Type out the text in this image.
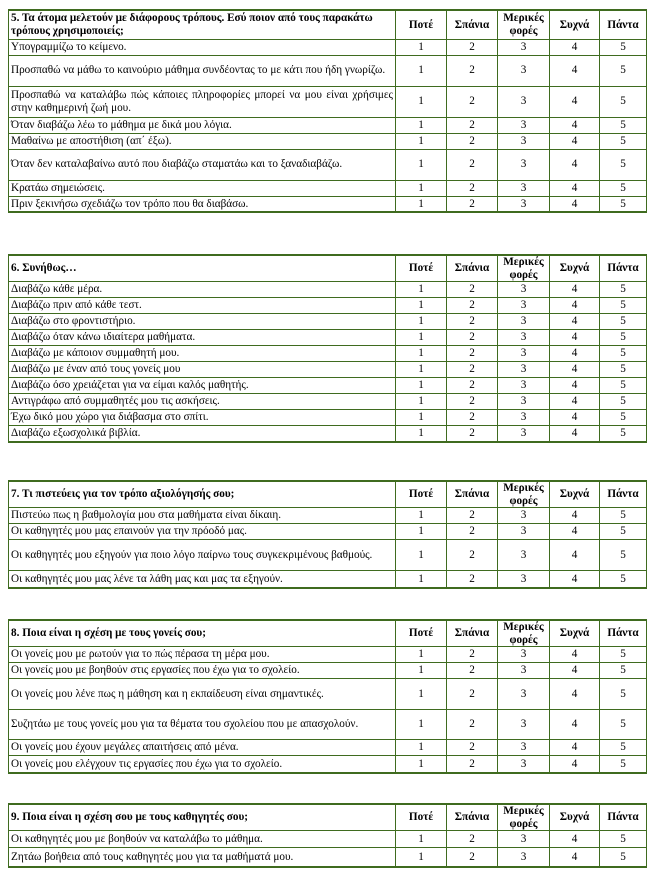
5. Τα άτομα μελετούν με διάφορους τρόπους. Εσύ ποιον από τους παρακάτω τρόπους χρησιμοποιείς;	Ποτέ	Σπάνια	Μερικές φορές	Συχνά	Πάντα
Υπογραμμίζω το κείμενο.	1	2	3	4	5
Προσπαθώ να μάθω το καινούριο μάθημα συνδέοντας το με κάτι που ήδη γνωρίζω.	1	2	3	4	5
Προσπαθώ να καταλάβω πώς κάποιες πληροφορίες μπορεί να μου είναι χρήσιμες στην καθημερινή ζωή μου.	1	2	3	4	5
Όταν διαβάζω λέω το μάθημα με δικά μου λόγια.	1	2	3	4	5
Μαθαίνω με αποστήθιση (απ΄ έξω).	1	2	3	4	5
Όταν δεν καταλαβαίνω αυτό που διαβάζω σταματάω και το ξαναδιαβάζω.	1	2	3	4	5
Κρατάω σημειώσεις.	1	2	3	4	5
Πριν ξεκινήσω σχεδιάζω τον τρόπο που θα διαβάσω.	1	2	3	4	5
6. Συνήθως…	Ποτέ	Σπάνια	Μερικές φορές	Συχνά	Πάντα
Διαβάζω κάθε μέρα.	1	2	3	4	5
Διαβάζω πριν από κάθε τεστ.	1	2	3	4	5
Διαβάζω στο φροντιστήριο.	1	2	3	4	5
Διαβάζω όταν κάνω ιδιαίτερα μαθήματα.	1	2	3	4	5
Διαβάζω με κάποιον συμμαθητή μου.	1	2	3	4	5
Διαβάζω με έναν από τους γονείς μου	1	2	3	4	5
Διαβάζω όσο χρειάζεται για να είμαι καλός μαθητής.	1	2	3	4	5
Αντιγράφω από συμμαθητές μου τις ασκήσεις.	1	2	3	4	5
Έχω δικό μου χώρο για διάβασμα στο σπίτι.	1	2	3	4	5
Διαβάζω εξωσχολικά βιβλία.	1	2	3	4	5
7. Τι πιστεύεις για τον τρόπο αξιολόγησής σου;	Ποτέ	Σπάνια	Μερικές φορές	Συχνά	Πάντα
Πιστεύω πως η βαθμολογία μου στα μαθήματα είναι δίκαιη.	1	2	3	4	5
Οι καθηγητές μου μας επαινούν για την πρόοδό μας.	1	2	3	4	5
Οι καθηγητές μου εξηγούν για ποιο λόγο παίρνω τους συγκεκριμένους βαθμούς.	1	2	3	4	5
Οι καθηγητές μου μας λένε τα λάθη μας και μας τα εξηγούν.	1	2	3	4	5
8. Ποια είναι η σχέση με τους γονείς σου;	Ποτέ	Σπάνια	Μερικές φορές	Συχνά	Πάντα
Οι γονείς μου με ρωτούν για το πώς πέρασα τη μέρα μου.	1	2	3	4	5
Οι γονείς μου με βοηθούν στις εργασίες που έχω για το σχολείο.	1	2	3	4	5
Οι γονείς μου λένε πως η μάθηση και η εκπαίδευση είναι σημαντικές.	1	2	3	4	5
Συζητάω με τους γονείς μου για τα θέματα του σχολείου που με απασχολούν.	1	2	3	4	5
Οι γονείς μου έχουν μεγάλες απαιτήσεις από μένα.	1	2	3	4	5
Οι γονείς μου ελέγχουν τις εργασίες που έχω για το σχολείο.	1	2	3	4	5
9. Ποια είναι η σχέση σου με τους καθηγητές σου;	Ποτέ	Σπάνια	Μερικές φορές	Συχνά	Πάντα
Οι καθηγητές μου με βοηθούν να καταλάβω το μάθημα.	1	2	3	4	5
Ζητάω βοήθεια από τους καθηγητές μου για τα μαθήματά μου.	1	2	3	4	5
